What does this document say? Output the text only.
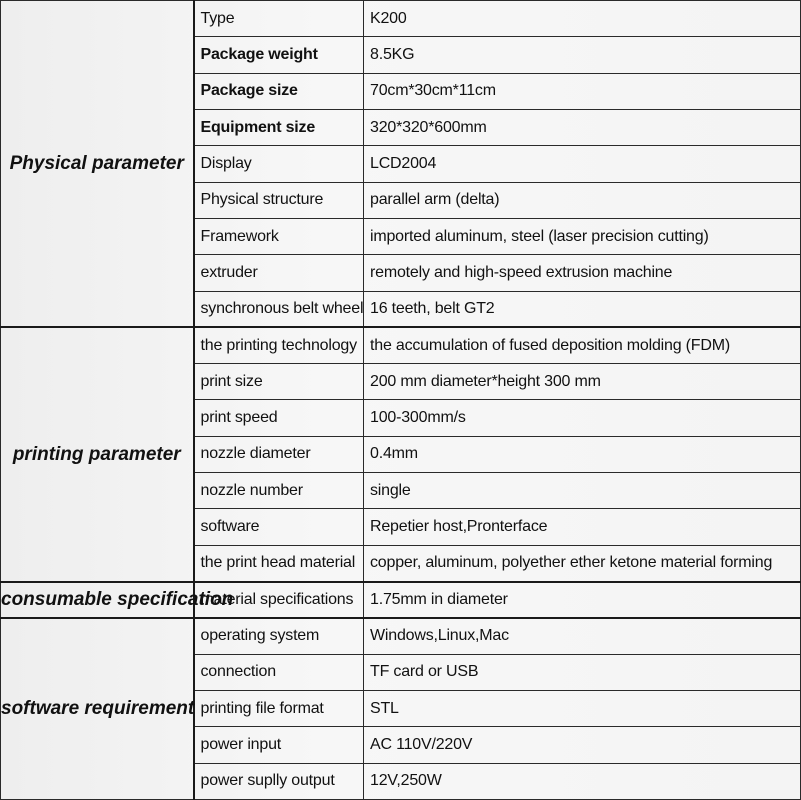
Physical parameter	Type	K200
	Package weight	8.5KG
	Package size	70cm*30cm*11cm
	Equipment size	320*320*600mm
	Display	LCD2004
	Physical structure	parallel arm (delta)
	Framework	imported aluminum, steel (laser precision cutting)
	extruder	remotely and high-speed extrusion machine
	synchronous belt wheel	16 teeth, belt GT2
printing parameter	the printing technology	the accumulation of fused deposition molding (FDM)
	print size	200 mm diameter*height 300 mm
	print speed	100-300mm/s
	nozzle diameter	0.4mm
	nozzle number	single
	software	Repetier host,Pronterface
	the print head material	copper, aluminum, polyether ether ketone material forming
consumable specification	material specifications	1.75mm in diameter
software requirement	operating system	Windows,Linux,Mac
	connection	TF card or USB
	printing file format	STL
	power input	AC 110V/220V
	power suplly output	12V,250W
